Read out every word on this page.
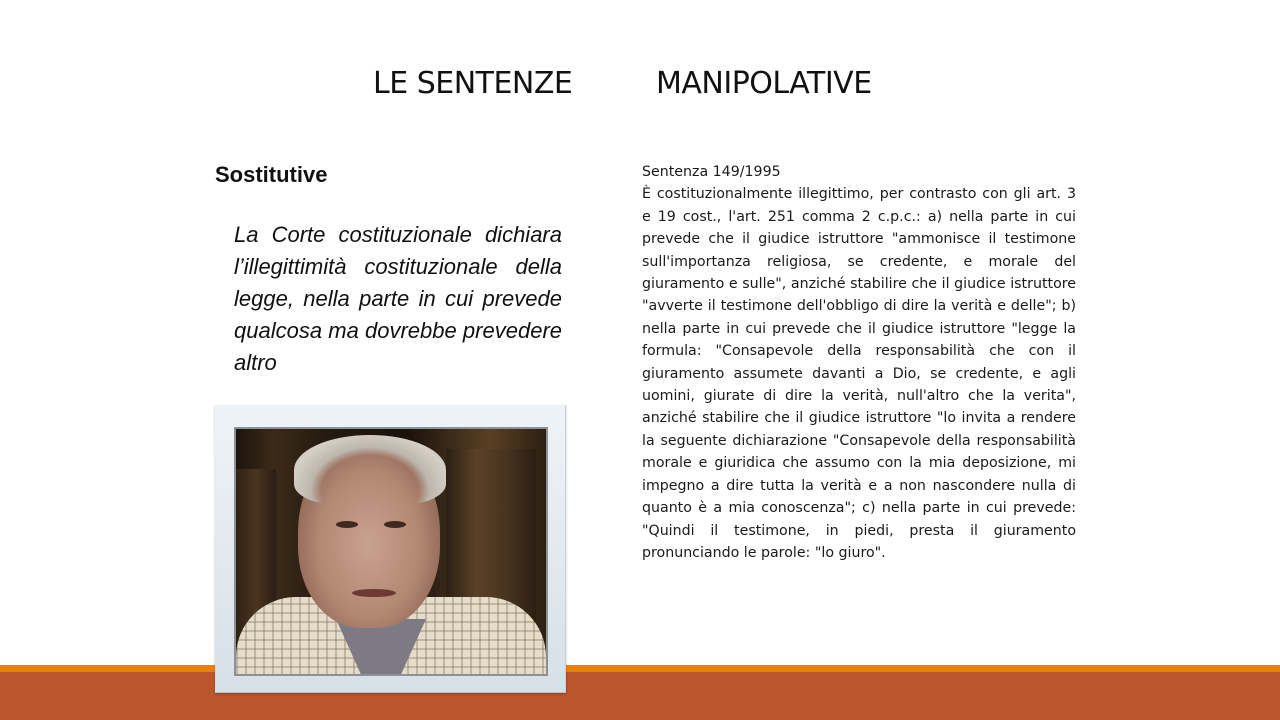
LE SENTENZE	MANIPOLATIVE
Sostitutive
La Corte costituzionale dichiara l’illegittimità costituzionale della legge, nella parte in cui prevede qualcosa ma dovrebbe prevedere altro
Sentenza 149/1995
È costituzionalmente illegittimo, per contrasto con gli art. 3 e 19 cost., l'art. 251 comma 2 c.p.c.: a) nella parte in cui prevede che il giudice istruttore "ammonisce il testimone sull'importanza religiosa, se credente, e morale del giuramento e sulle", anziché stabilire che il giudice istruttore "avverte il testimone dell'obbligo di dire la verità e delle"; b) nella parte in cui prevede che il giudice istruttore "legge la formula: "Consapevole della responsabilità che con il giuramento assumete davanti a Dio, se credente, e agli uomini, giurate di dire la verità, null'altro che la verita", anziché stabilire che il giudice istruttore "lo invita a rendere la seguente dichiarazione "Consapevole della responsabilità morale e giuridica che assumo con la mia deposizione, mi impegno a dire tutta la verità e a non nascondere nulla di quanto è a mia conoscenza"; c) nella parte in cui prevede: "Quindi il testimone, in piedi, presta il giuramento pronunciando le parole: "lo giuro".
